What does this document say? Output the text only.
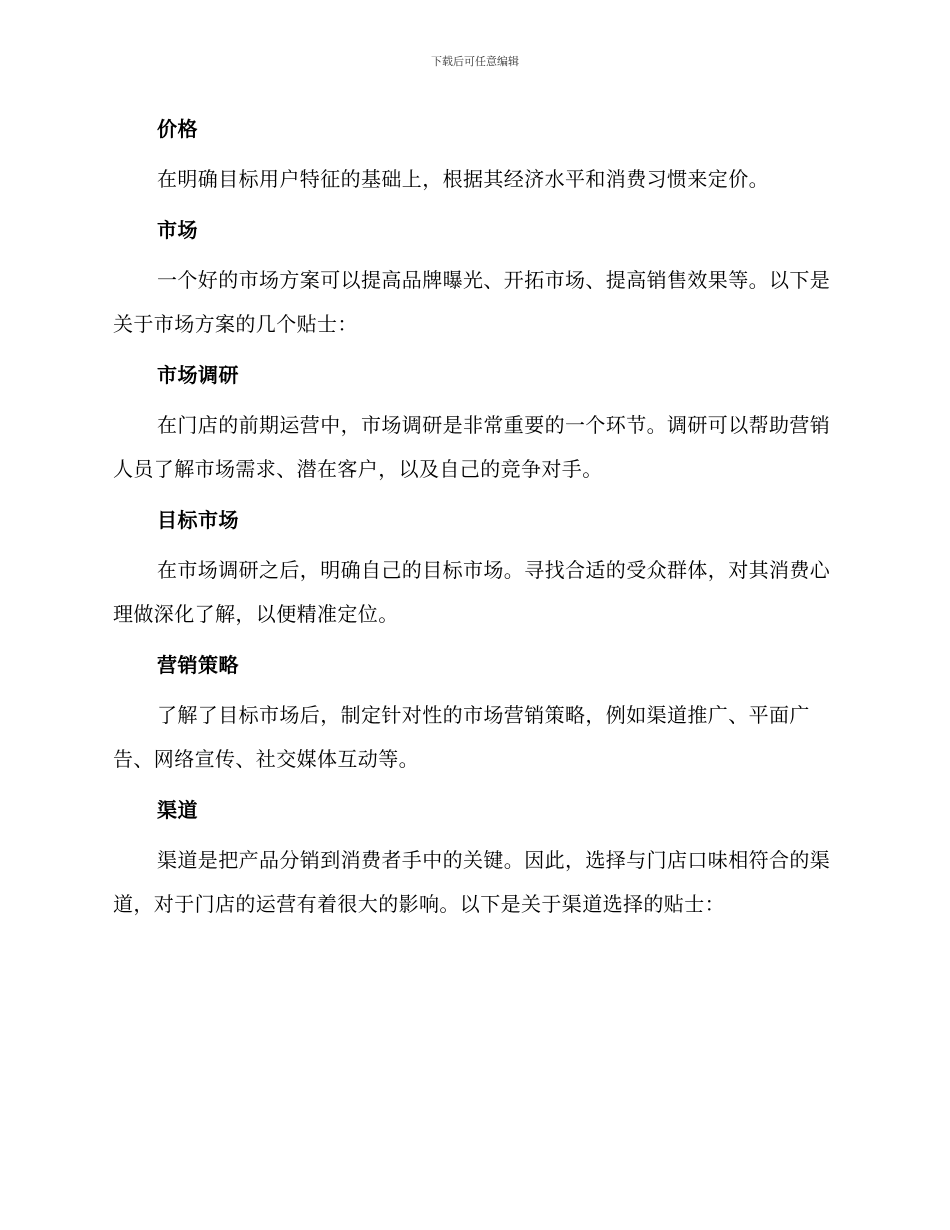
下载后可任意编辑
价格

在明确目标用户特征的基础上，根据其经济水平和消费习惯来定价。

市场

一个好的市场方案可以提高品牌曝光、开拓市场、提高销售效果等。以下是关于市场方案的几个贴士：

市场调研

在门店的前期运营中，市场调研是非常重要的一个环节。调研可以帮助营销人员了解市场需求、潜在客户，以及自己的竞争对手。

目标市场

在市场调研之后，明确自己的目标市场。寻找合适的受众群体，对其消费心理做深化了解，以便精准定位。

营销策略

了解了目标市场后，制定针对性的市场营销策略，例如渠道推广、平面广告、网络宣传、社交媒体互动等。

渠道

渠道是把产品分销到消费者手中的关键。因此，选择与门店口味相符合的渠道，对于门店的运营有着很大的影响。以下是关于渠道选择的贴士：
